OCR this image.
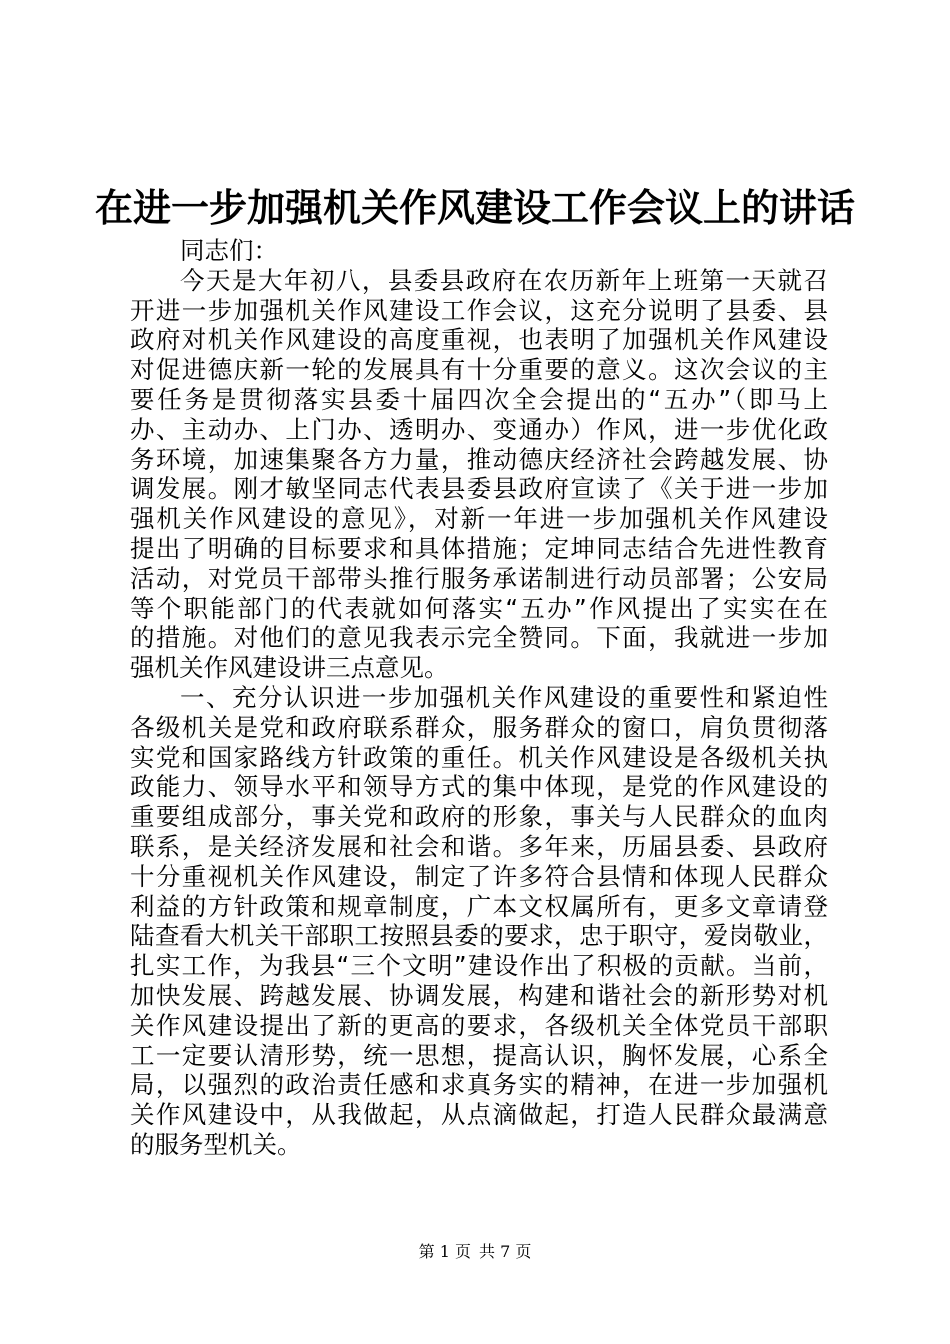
在进一步加强机关作风建设工作会议上的讲话
同志们：
今天是大年初八，县委县政府在农历新年上班第一天就召
开进一步加强机关作风建设工作会议，这充分说明了县委、县
政府对机关作风建设的高度重视，也表明了加强机关作风建设
对促进德庆新一轮的发展具有十分重要的意义。这次会议的主
要任务是贯彻落实县委十届四次全会提出的“五办”（即马上
办、主动办、上门办、透明办、变通办）作风，进一步优化政
务环境，加速集聚各方力量，推动德庆经济社会跨越发展、协
调发展。刚才敏坚同志代表县委县政府宣读了《关于进一步加
强机关作风建设的意见》，对新一年进一步加强机关作风建设
提出了明确的目标要求和具体措施；定坤同志结合先进性教育
活动，对党员干部带头推行服务承诺制进行动员部署；公安局
等个职能部门的代表就如何落实“五办”作风提出了实实在在
的措施。对他们的意见我表示完全赞同。下面，我就进一步加
强机关作风建设讲三点意见。
一、充分认识进一步加强机关作风建设的重要性和紧迫性
各级机关是党和政府联系群众，服务群众的窗口，肩负贯彻落
实党和国家路线方针政策的重任。机关作风建设是各级机关执
政能力、领导水平和领导方式的集中体现，是党的作风建设的
重要组成部分，事关党和政府的形象，事关与人民群众的血肉
联系，是关经济发展和社会和谐。多年来，历届县委、县政府
十分重视机关作风建设，制定了许多符合县情和体现人民群众
利益的方针政策和规章制度，广本文权属所有，更多文章请登
陆查看大机关干部职工按照县委的要求，忠于职守，爱岗敬业，
扎实工作，为我县“三个文明”建设作出了积极的贡献。当前，
加快发展、跨越发展、协调发展，构建和谐社会的新形势对机
关作风建设提出了新的更高的要求，各级机关全体党员干部职
工一定要认清形势，统一思想，提高认识，胸怀发展，心系全
局，以强烈的政治责任感和求真务实的精神，在进一步加强机
关作风建设中，从我做起，从点滴做起，打造人民群众最满意
的服务型机关。
第 1 页 共 7 页
